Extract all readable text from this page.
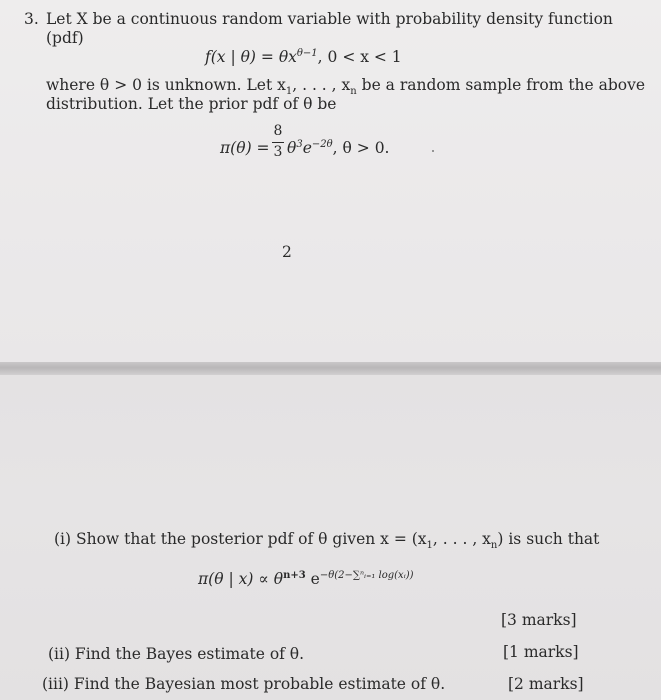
3. Let X be a continuous random variable with probability density function
(pdf)
f(x | $\theta) = \theta x^{\theta-1}$, 0 < x < 1
where θ > 0 is unknown. Let $x_1$, . . . , $x_n$ be a random sample from the above
distribution. Let the prior pdf of θ be
π(θ) =
8
3 $\theta^3e^{-2\theta}$, θ > 0.
2
(i) Show that the posterior pdf of θ given $x = (x_1$, . . . , $x_n$) is such that
π(θ | $x) \propto \theta^{n+3}$ $e^{-\theta(2-\sum^nᵢ_{=1} log(xᵢ))}$
[3 marks]
(ii) Find the Bayes estimate of θ.	[1 marks]
(iii) Find the Bayesian most probable estimate of θ.	[2 marks]
